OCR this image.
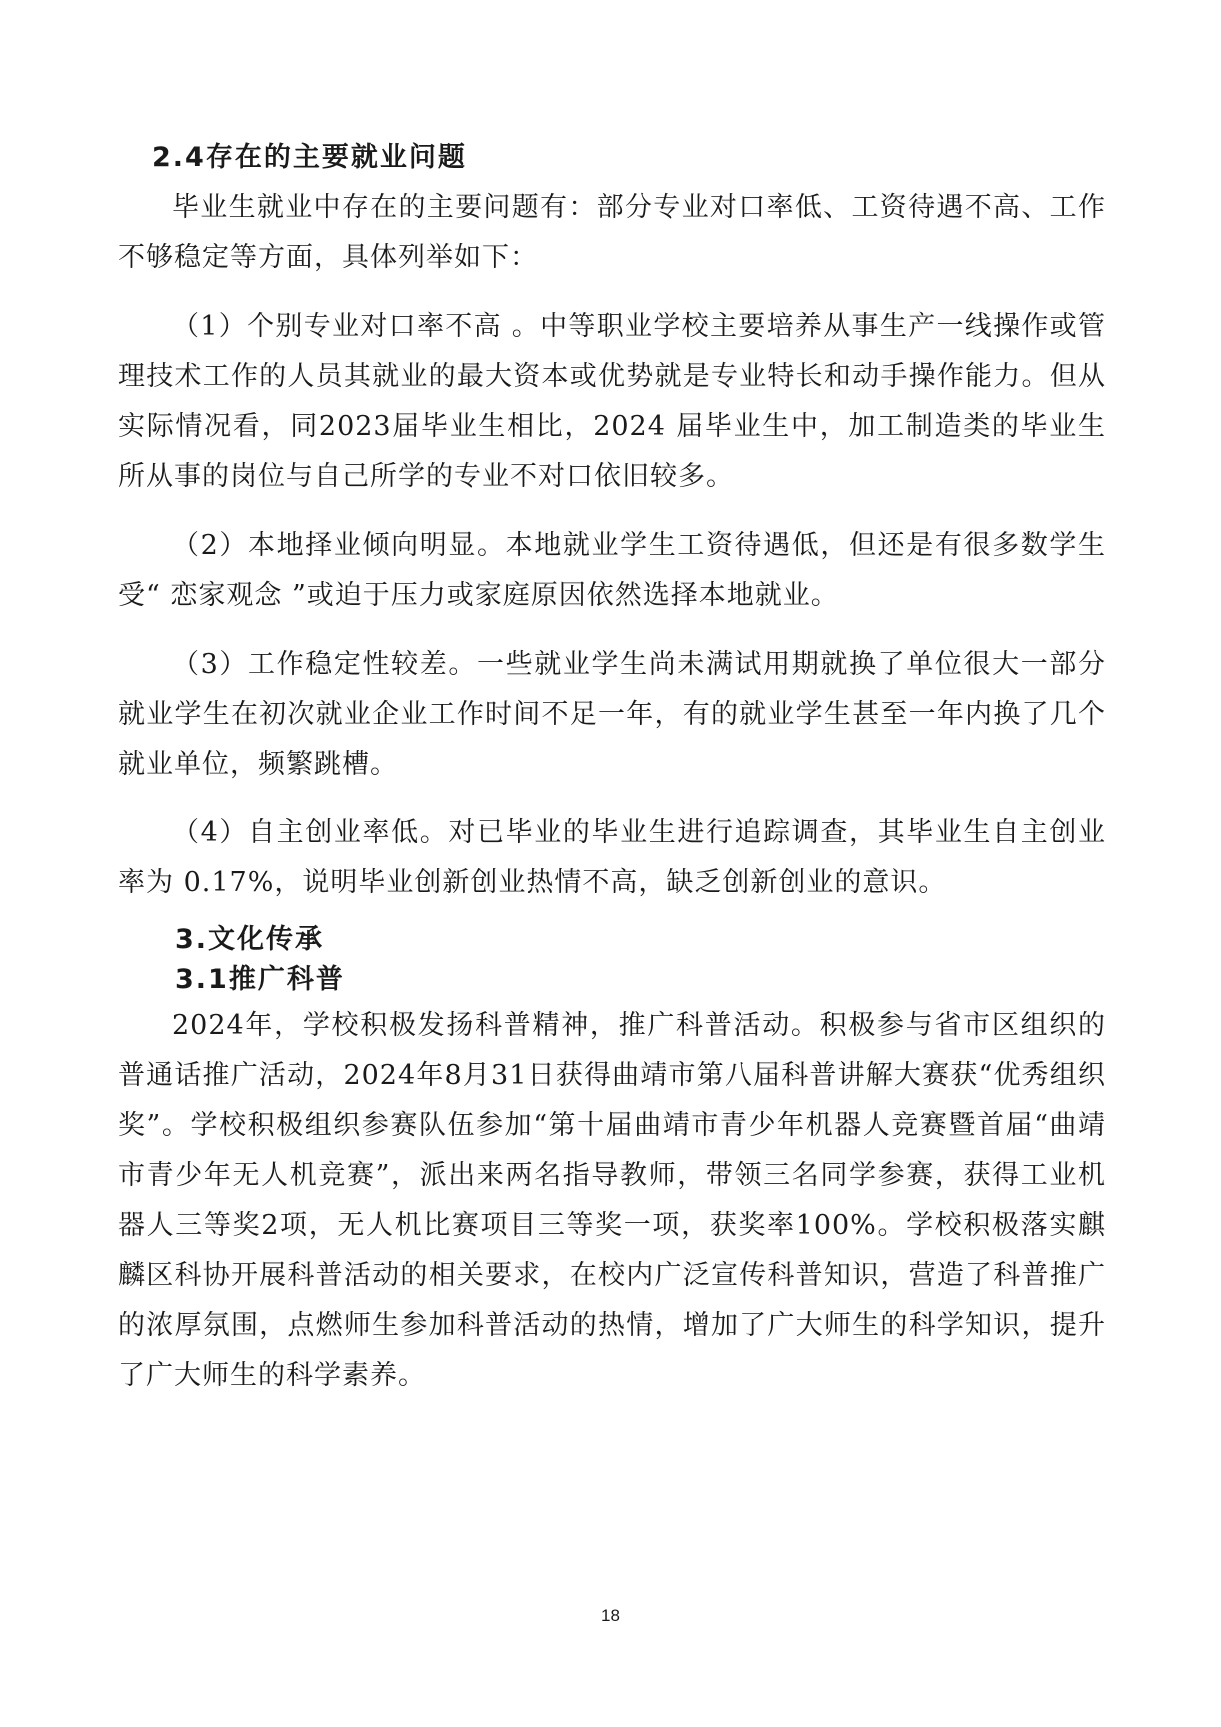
2.4存在的主要就业问题

毕业生就业中存在的主要问题有：部分专业对口率低、工资待遇不高、工作不够稳定等方面，具体列举如下：

（1）个别专业对口率不高 。中等职业学校主要培养从事生产一线操作或管 理技术工作的人员其就业的最大资本或优势就是专业特长和动手操作能力。但从实际情况看，同2023届毕业生相比，2024 届毕业生中，加工制造类的毕业生所从事的岗位与自己所学的专业不对口依旧较多。

（2）本地择业倾向明显。本地就业学生工资待遇低，但还是有很多数学生受“ 恋家观念 ”或迫于压力或家庭原因依然选择本地就业。

（3）工作稳定性较差。一些就业学生尚未满试用期就换了单位很大一部分就业学生在初次就业企业工作时间不足一年，有的就业学生甚至一年内换了几个就业单位，频繁跳槽。

（4）自主创业率低。对已毕业的毕业生进行追踪调查，其毕业生自主创业率为 0.17%，说明毕业创新创业热情不高，缺乏创新创业的意识。

3.文化传承
3.1推广科普

2024年，学校积极发扬科普精神，推广科普活动。积极参与省市区组织的普通话推广活动，2024年8月31日获得曲靖市第八届科普讲解大赛获“优秀组织奖”。学校积极组织参赛队伍参加“第十届曲靖市青少年机器人竞赛暨首届“曲靖市青少年无人机竞赛”，派出来两名指导教师，带领三名同学参赛，获得工业机器人三等奖2项，无人机比赛项目三等奖一项，获奖率100%。学校积极落实麒麟区科协开展科普活动的相关要求，在校内广泛宣传科普知识，营造了科普推广的浓厚氛围，点燃师生参加科普活动的热情，增加了广大师生的科学知识，提升了广大师生的科学素养。

18
